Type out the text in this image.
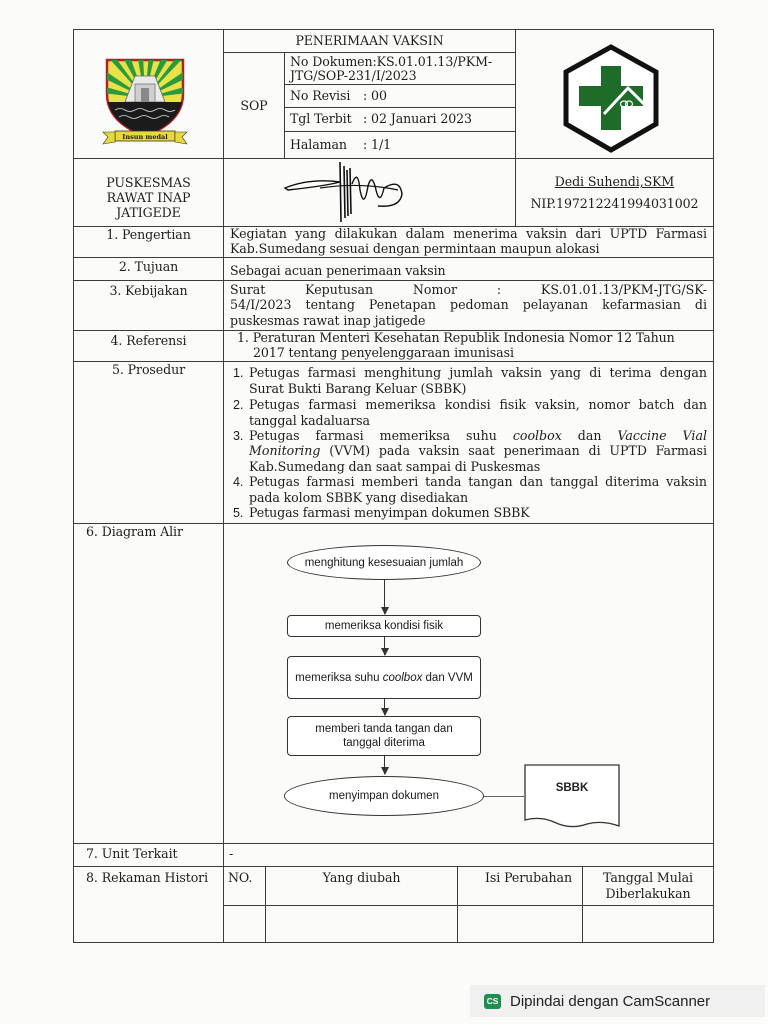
Insun medal
PENERIMAAN VAKSIN
SOP
No Dokumen:KS.01.01.13/PKM-
JTG/SOP-231/I/2023
No Revisi : 00
Tgl Terbit : 02 Januari 2023
Halaman : 1/1
PUSKESMAS
RAWAT INAP
JATIGEDE
Dedi Suhendi,SKM
NIP.197212241994031002
1. Pengertian	Kegiatan yang dilakukan dalam menerima vaksin dari UPTD Farmasi
Kab.Sumedang sesuai dengan permintaan maupun alokasi
2. Tujuan	Sebagai acuan penerimaan vaksin
3. Kebijakan	Surat Keputusan Nomor : KS.01.01.13/PKM-JTG/SK-
54/I/2023 tentang Penetapan pedoman pelayanan kefarmasian di
puskesmas rawat inap jatigede
4. Referensi	1. Peraturan Menteri Kesehatan Republik Indonesia Nomor 12 Tahun
2017 tentang penyelenggaraan imunisasi
5. Prosedur	1. Petugas farmasi menghitung jumlah vaksin yang di terima dengan
Surat Bukti Barang Keluar (SBBK)
2. Petugas farmasi memeriksa kondisi fisik vaksin, nomor batch dan
tanggal kadaluarsa
3. Petugas farmasi memeriksa suhu coolbox dan Vaccine Vial
Monitoring (VVM) pada vaksin saat penerimaan di UPTD Farmasi
Kab.Sumedang dan saat sampai di Puskesmas
4. Petugas farmasi memberi tanda tangan dan tanggal diterima vaksin
pada kolom SBBK yang disediakan
5. Petugas farmasi menyimpan dokumen SBBK
6. Diagram Alir
menghitung kesesuaian jumlah
memeriksa kondisi fisik
memeriksa suhu coolbox dan VVM
memberi tanda tangan dan tanggal diterima
menyimpan dokumen
SBBK
7. Unit Terkait	-
8. Rekaman Histori NO.	Yang diubah	Isi Perubahan	Tanggal Mulai
Diberlakukan
CS Dipindai dengan CamScanner
